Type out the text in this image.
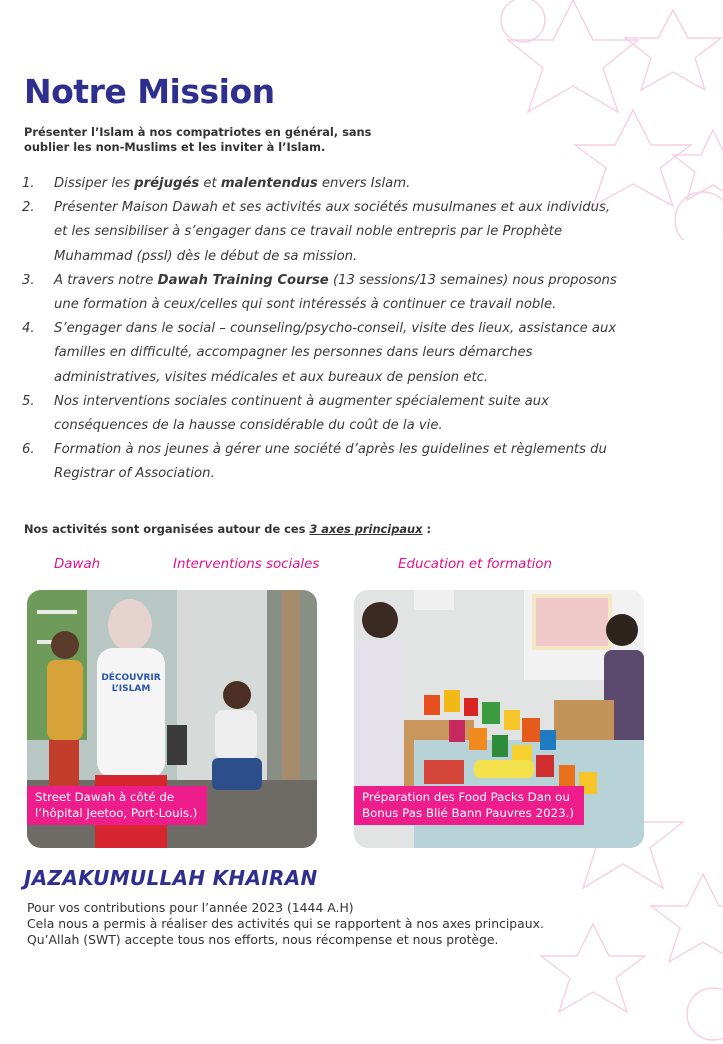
Notre Mission
Présenter l’Islam à nos compatriotes en général, sans
oublier les non-Muslims et les inviter à l’Islam.
1. Dissiper les préjugés et malentendus envers Islam.
2. Présenter Maison Dawah et ses activités aux sociétés musulmanes et aux individus, et les sensibiliser à s’engager dans ce travail noble entrepris par le Prophète Muhammad (pssl) dès le début de sa mission.
3. A travers notre Dawah Training Course (13 sessions/13 semaines) nous proposons une formation à ceux/celles qui sont intéressés à continuer ce travail noble.
4. S’engager dans le social – counseling/psycho-conseil, visite des lieux, assistance aux familles en difficulté, accompagner les personnes dans leurs démarches administratives, visites médicales et aux bureaux de pension etc.
5. Nos interventions sociales continuent à augmenter spécialement suite aux conséquences de la hausse considérable du coût de la vie.
6. Formation à nos jeunes à gérer une société d’après les guidelines et règlements du Registrar of Association.
Nos activités sont organisées autour de ces 3 axes principaux :
Dawah	Interventions sociales	Education et formation
DÉCOUVRIR
L’ISLAM
Street Dawah à côté de
l’hôpital Jeetoo, Port-Louis.)
Préparation des Food Packs Dan ou
Bonus Pas Blié Bann Pauvres 2023.)
JAZAKUMULLAH KHAIRAN

Pour vos contributions pour l’année 2023 (1444 A.H)

Cela nous a permis à réaliser des activités qui se rapportent à nos axes principaux.

Qu’Allah (SWT) accepte tous nos efforts, nous récompense et nous protège.
